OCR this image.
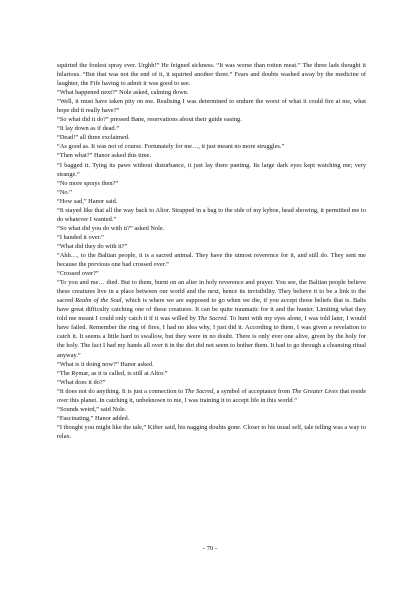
squirted the foulest spray ever. Urghh!” He feigned sickness. “It was worse than rotten meat.” The three lads thought it hilarious. “But that was not the end of it, it squirted another three.” Fears and doubts washed away by the medicine of laughter, the Fife having to admit it was good to see.

“What happened next?” Nole asked, calming down.

“Well, it must have taken pity on me. Realising I was determined to endure the worst of what it could fire at me, what hope did it really have?”

“So what did it do?” pressed Bane, reservations about their guide easing.

“It lay down as if dead.”

“Dead!” all three exclaimed.

“As good as. It was not of course. Fortunately for me…, it just meant no more struggles.”

“Then what?” Hanor asked this time.

“I bagged it. Tying its paws without disturbance, it just lay there panting. Its large dark eyes kept watching me; very strange.”

“No more sprays then?”

“No.”

“How sad,” Hanor said.

“It stayed like that all the way back to Altor. Strapped in a bag to the side of my kyboe, head showing, it permitted me to do whatever I wanted.”

“So what did you do with it?” asked Nole.

“I handed it over.”

“What did they do with it?”

“Ahh…, to the Baltian people, it is a sacred animal. They have the utmost reverence for it, and still do. They sent me because the previous one had crossed over.”

“Crossed over?”

“To you and me… died. But to them, burnt on an alter in holy reverence and prayer. You see, the Baltian people believe these creatures live in a place between our world and the next, hence its invisibility. They believe it to be a link to the sacred Realm of the Soul, which is where we are supposed to go when we die, if you accept those beliefs that is. Balts have great difficulty catching one of these creatures. It can be quite traumatic for it and the hunter. Limiting what they told me meant I could only catch it if it was willed by The Sacred. To hunt with my eyes alone, I was told later, I would have failed. Remember the ring of fires, I had no idea why, I just did it. According to them, I was given a revelation to catch it. It seems a little hard to swallow, but they were in no doubt. There is only ever one alive, given by the holy for the holy. The fact I had my hands all over it in the dirt did not seem to bother them. It had to go through a cleansing ritual anyway.”

“What is it doing now?” Hanor asked.

“The Rymar, as it is called, is still at Altor.”

“What does it do?”

“It does not do anything. It is just a connection to The Sacred, a symbol of acceptance from The Greater Lives that reside over this planet. In catching it, unbeknown to me, I was training it to accept life in this world.”

“Sounds weird,” said Nole.

“Fascinating,” Hanor added.

“I thought you might like the tale,” Kifter said, his nagging doubts gone. Closer to his usual self, tale telling was a way to relax.

- 70 -
